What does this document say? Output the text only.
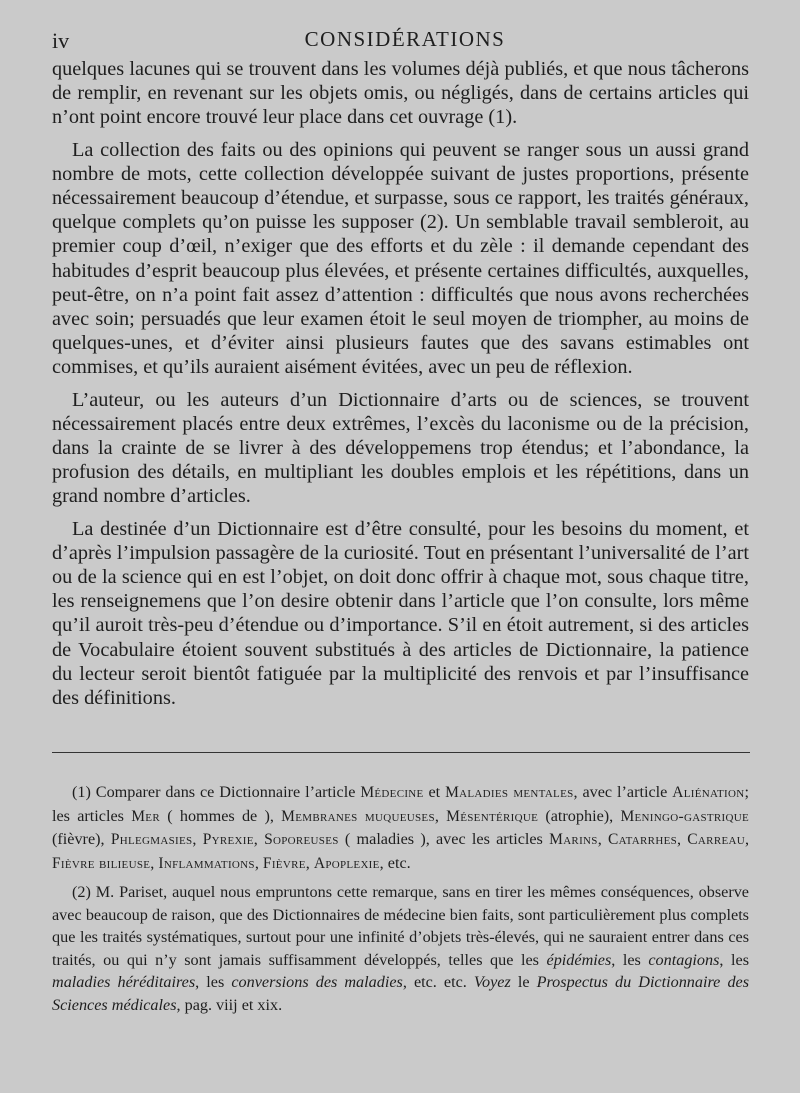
iv	CONSIDÉRATIONS

quelques lacunes qui se trouvent dans les volumes déjà publiés, et que nous tâcherons de remplir, en revenant sur les objets omis, ou négligés, dans de certains articles qui n’ont point encore trouvé leur place dans cet ouvrage (1).

La collection des faits ou des opinions qui peuvent se ranger sous un aussi grand nombre de mots, cette collection développée suivant de justes proportions, présente nécessairement beaucoup d’étendue, et surpasse, sous ce rapport, les traités généraux, quelque complets qu’on puisse les supposer (2). Un semblable travail sembleroit, au premier coup d’œil, n’exiger que des efforts et du zèle : il demande cependant des habitudes d’esprit beaucoup plus élevées, et présente certaines difficultés, auxquelles, peut-être, on n’a point fait assez d’attention : difficultés que nous avons recherchées avec soin; persuadés que leur examen étoit le seul moyen de triompher, au moins de quelques-unes, et d’éviter ainsi plusieurs fautes que des savans estimables ont commises, et qu’ils auraient aisément évitées, avec un peu de réflexion.

L’auteur, ou les auteurs d’un Dictionnaire d’arts ou de sciences, se trouvent nécessairement placés entre deux extrêmes, l’excès du laconisme ou de la précision, dans la crainte de se livrer à des développemens trop étendus; et l’abondance, la profusion des détails, en multipliant les doubles emplois et les répétitions, dans un grand nombre d’articles.

La destinée d’un Dictionnaire est d’être consulté, pour les besoins du moment, et d’après l’impulsion passagère de la curiosité. Tout en présentant l’universalité de l’art ou de la science qui en est l’objet, on doit donc offrir à chaque mot, sous chaque titre, les renseignemens que l’on desire obtenir dans l’article que l’on consulte, lors même qu’il auroit très-peu d’étendue ou d’importance. S’il en étoit autrement, si des articles de Vocabulaire étoient souvent substitués à des articles de Dictionnaire, la patience du lecteur seroit bientôt fatiguée par la multiplicité des renvois et par l’insuffisance des définitions.

(1) Comparer dans ce Dictionnaire l’article Médecine et Maladies mentales, avec l’article Aliénation; les articles Mer ( hommes de ), Membranes muqueuses, Mésentérique (atrophie), Meningo-gastrique (fièvre), Phlegmasies, Pyrexie, Soporeuses ( maladies ), avec les articles Marins, Catarrhes, Carreau, Fièvre bilieuse, Inflammations, Fièvre, Apoplexie, etc.

(2) M. Pariset, auquel nous empruntons cette remarque, sans en tirer les mêmes conséquences, observe avec beaucoup de raison, que des Dictionnaires de médecine bien faits, sont particulièrement plus complets que les traités systématiques, surtout pour une infinité d’objets très-élevés, qui ne sauraient entrer dans ces traités, ou qui n’y sont jamais suffisamment développés, telles que les épidémies, les contagions, les maladies héréditaires, les conversions des maladies, etc. etc. Voyez le Prospectus du Dictionnaire des Sciences médicales, pag. viij et xix.
